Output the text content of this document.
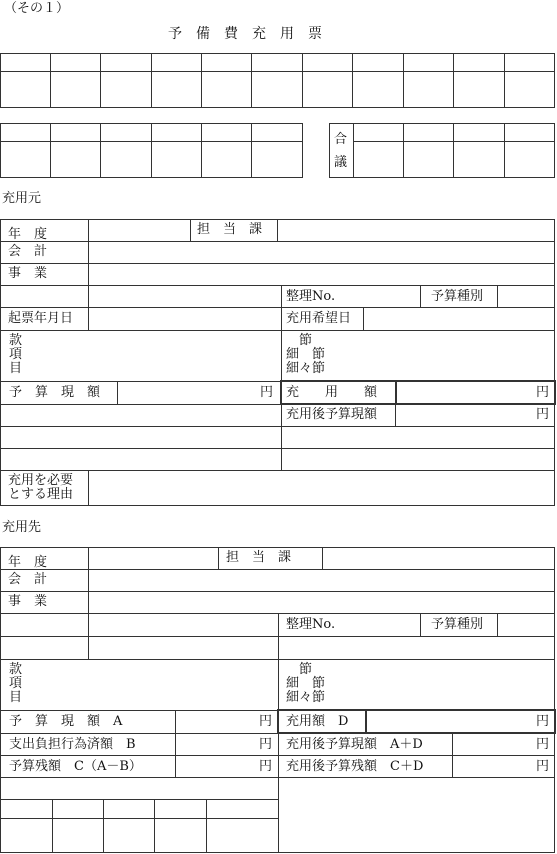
（その１）
予　備　費　充　用　票
合
議
充用元
年　度	担　当　課
会　計
事　業
整理No.	予算種別
起票年月日	充用希望日
款
項
目
　節
細　節
細々節
予　算　現　額	円 充　　用　　額	円
充用後予算現額	円
充用を必要
とする理由
充用先
年　度	担　当　課
会　計
事　業
整理No.	予算種別
款
項
目
　節
細　節
細々節
予　算　現　額　A	円 充用額　D	円
支出負担行為済額　B	円 充用後予算現額　A＋D	円
予算残額　C（A－B）	円 充用後予算残額　C＋D	円
